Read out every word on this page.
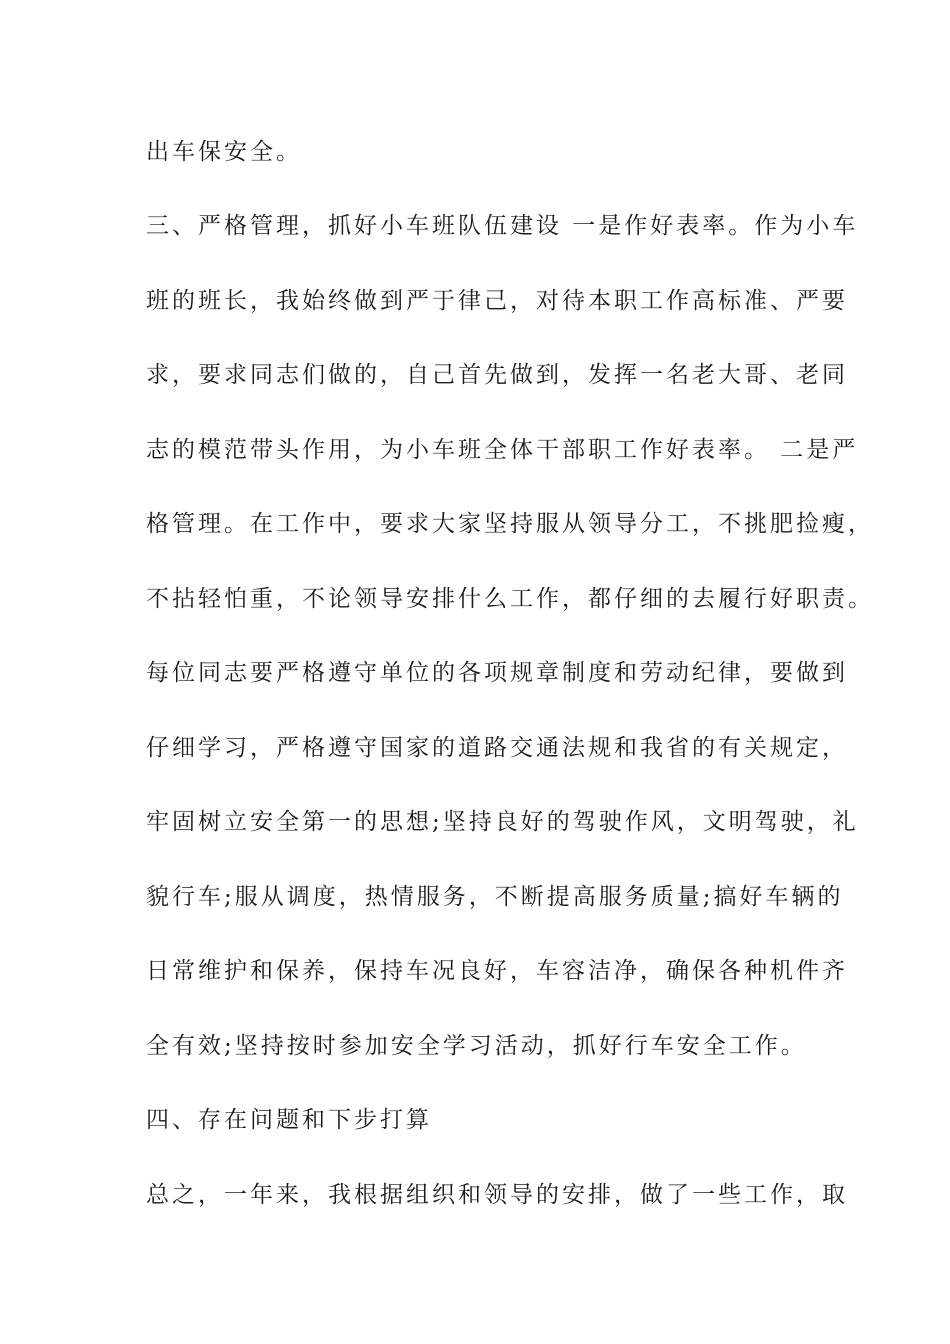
出车保安全。
三、严格管理，抓好小车班队伍建设 一是作好表率。作为小车
班的班长，我始终做到严于律己，对待本职工作高标准、严要
求，要求同志们做的，自己首先做到，发挥一名老大哥、老同
志的模范带头作用，为小车班全体干部职工作好表率。 二是严
格管理。在工作中，要求大家坚持服从领导分工，不挑肥捡瘦，
不拈轻怕重，不论领导安排什么工作，都仔细的去履行好职责。
每位同志要严格遵守单位的各项规章制度和劳动纪律，要做到
仔细学习，严格遵守国家的道路交通法规和我省的有关规定，
牢固树立安全第一的思想;坚持良好的驾驶作风，文明驾驶，礼
貌行车;服从调度，热情服务，不断提高服务质量;搞好车辆的
日常维护和保养，保持车况良好，车容洁净，确保各种机件齐
全有效;坚持按时参加安全学习活动，抓好行车安全工作。
四、存在问题和下步打算
总之，一年来，我根据组织和领导的安排，做了一些工作，取
